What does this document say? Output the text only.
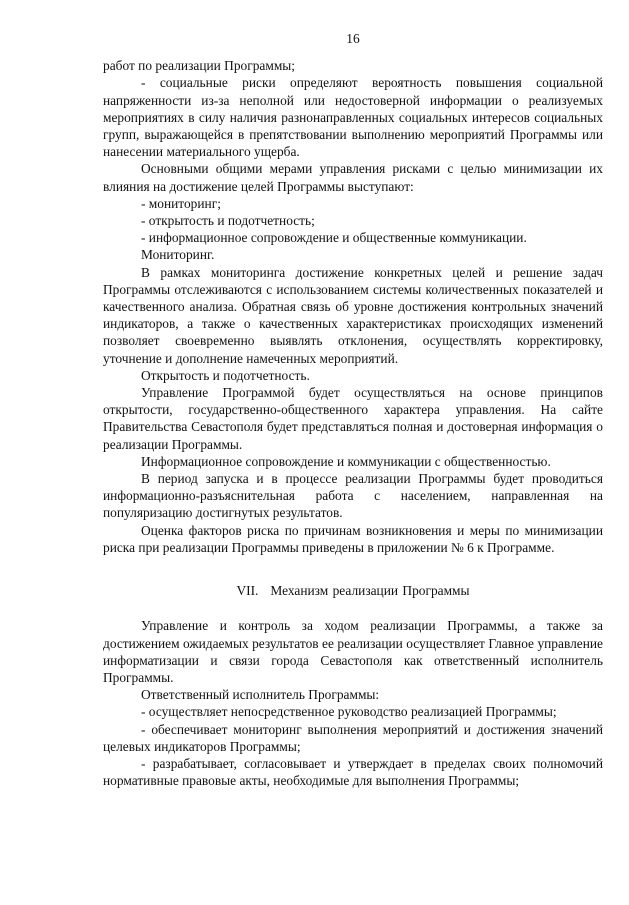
16

работ по реализации Программы;

- социальные риски определяют вероятность повышения социальной напряженности из-за неполной или недостоверной информации о реализуемых мероприятиях в силу наличия разнонаправленных социальных интересов социальных групп, выражающейся в препятствовании выполнению мероприятий Программы или нанесении материального ущерба.

Основными общими мерами управления рисками с целью минимизации их влияния на достижение целей Программы выступают:

- мониторинг;

- открытость и подотчетность;

- информационное сопровождение и общественные коммуникации.

Мониторинг.

В рамках мониторинга достижение конкретных целей и решение задач Программы отслеживаются с использованием системы количественных показателей и качественного анализа. Обратная связь об уровне достижения контрольных значений индикаторов, а также о качественных характеристиках происходящих изменений позволяет своевременно выявлять отклонения, осуществлять корректировку, уточнение и дополнение намеченных мероприятий.

Открытость и подотчетность.

Управление Программой будет осуществляться на основе принципов открытости, государственно-общественного характера управления. На сайте Правительства Севастополя будет представляться полная и достоверная информация о реализации Программы.

Информационное сопровождение и коммуникации с общественностью.

В период запуска и в процессе реализации Программы будет проводиться информационно-разъяснительная работа с населением, направленная на популяризацию достигнутых результатов.

Оценка факторов риска по причинам возникновения и меры по минимизации риска при реализации Программы приведены в приложении № 6 к Программе.

VII. Механизм реализации Программы

Управление и контроль за ходом реализации Программы, а также за достижением ожидаемых результатов ее реализации осуществляет Главное управление информатизации и связи города Севастополя как ответственный исполнитель Программы.

Ответственный исполнитель Программы:

- осуществляет непосредственное руководство реализацией Программы;

- обеспечивает мониторинг выполнения мероприятий и достижения значений целевых индикаторов Программы;

- разрабатывает, согласовывает и утверждает в пределах своих полномочий нормативные правовые акты, необходимые для выполнения Программы;
